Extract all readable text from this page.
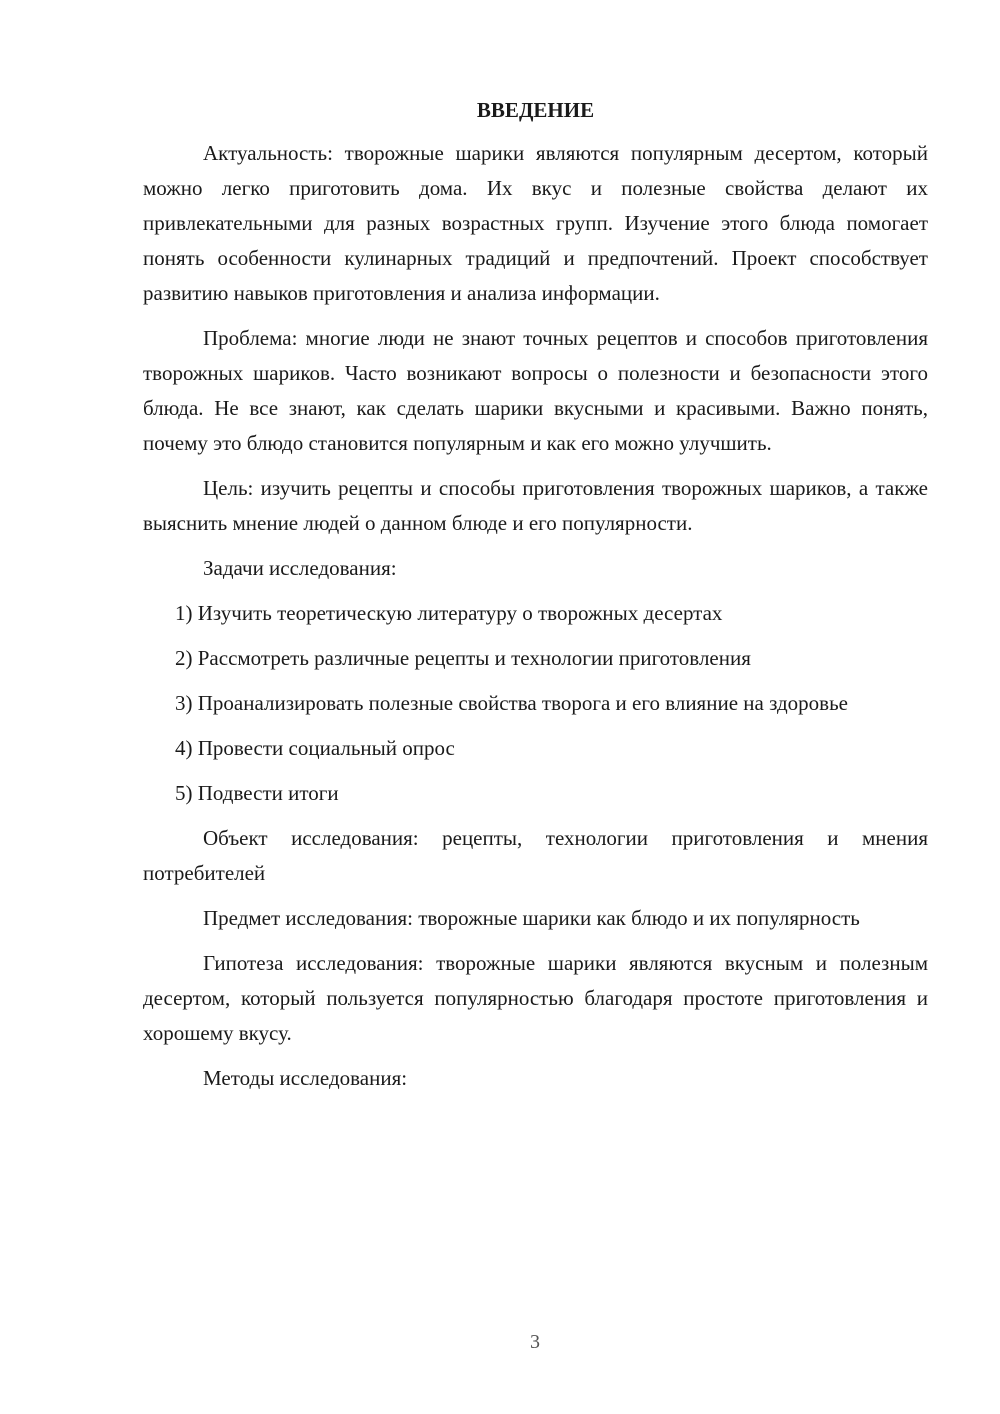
ВВЕДЕНИЕ

Актуальность: творожные шарики являются популярным десертом, который можно легко приготовить дома. Их вкус и полезные свойства делают их привлекательными для разных возрастных групп. Изучение этого блюда помогает понять особенности кулинарных традиций и предпочтений. Проект способствует развитию навыков приготовления и анализа информации.

Проблема: многие люди не знают точных рецептов и способов приготовления творожных шариков. Часто возникают вопросы о полезности и безопасности этого блюда. Не все знают, как сделать шарики вкусными и красивыми. Важно понять, почему это блюдо становится популярным и как его можно улучшить.

Цель: изучить рецепты и способы приготовления творожных шариков, а также выяснить мнение людей о данном блюде и его популярности.

Задачи исследования:

1) Изучить теоретическую литературу о творожных десертах

2) Рассмотреть различные рецепты и технологии приготовления

3) Проанализировать полезные свойства творога и его влияние на здоровье

4) Провести социальный опрос

5) Подвести итоги

Объект исследования: рецепты, технологии приготовления и мнения потребителей

Предмет исследования: творожные шарики как блюдо и их популярность

Гипотеза исследования: творожные шарики являются вкусным и полезным десертом, который пользуется популярностью благодаря простоте приготовления и хорошему вкусу.

Методы исследования:

3
